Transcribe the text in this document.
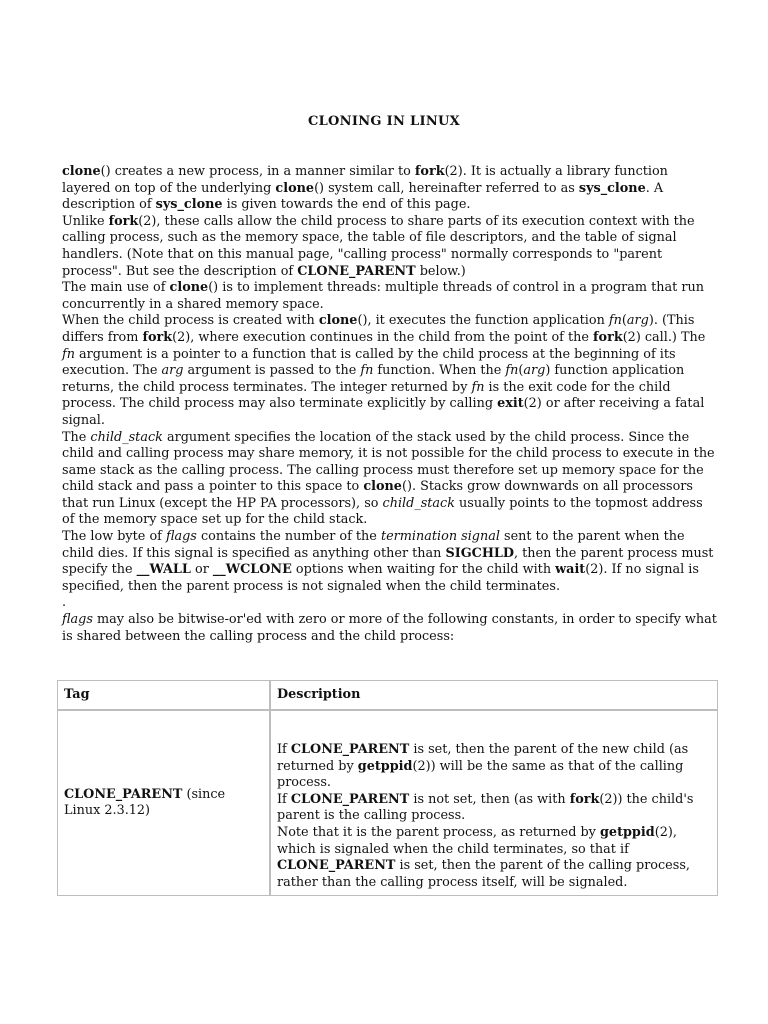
CLONING IN LINUX

clone() creates a new process, in a manner similar to fork(2). It is actually a library function layered on top of the underlying clone() system call, hereinafter referred to as sys_clone. A description of sys_clone is given towards the end of this page.

Unlike fork(2), these calls allow the child process to share parts of its execution context with the calling process, such as the memory space, the table of file descriptors, and the table of signal handlers. (Note that on this manual page, "calling process" normally corresponds to "parent process". But see the description of CLONE_PARENT below.)

The main use of clone() is to implement threads: multiple threads of control in a program that run concurrently in a shared memory space.

When the child process is created with clone(), it executes the function application fn(arg). (This differs from fork(2), where execution continues in the child from the point of the fork(2) call.) The fn argument is a pointer to a function that is called by the child process at the beginning of its execution. The arg argument is passed to the fn function. When the fn(arg) function application returns, the child process terminates. The integer returned by fn is the exit code for the child process. The child process may also terminate explicitly by calling exit(2) or after receiving a fatal signal.

The child_stack argument specifies the location of the stack used by the child process. Since the child and calling process may share memory, it is not possible for the child process to execute in the same stack as the calling process. The calling process must therefore set up memory space for the child stack and pass a pointer to this space to clone(). Stacks grow downwards on all processors that run Linux (except the HP PA processors), so child_stack usually points to the topmost address of the memory space set up for the child stack.

The low byte of flags contains the number of the termination signal sent to the parent when the child dies. If this signal is specified as anything other than SIGCHLD, then the parent process must specify the __WALL or __WCLONE options when waiting for the child with wait(2). If no signal is specified, then the parent process is not signaled when the child terminates.

.

flags may also be bitwise-or'ed with zero or more of the following constants, in order to specify what is shared between the calling process and the child process:

Tag	Description
CLONE_PARENT (since Linux 2.3.12)	If CLONE_PARENT is set, then the parent of the new child (as returned by getppid(2)) will be the same as that of the calling process.
If CLONE_PARENT is not set, then (as with fork(2)) the child's parent is the calling process.
Note that it is the parent process, as returned by getppid(2), which is signaled when the child terminates, so that if CLONE_PARENT is set, then the parent of the calling process, rather than the calling process itself, will be signaled.
